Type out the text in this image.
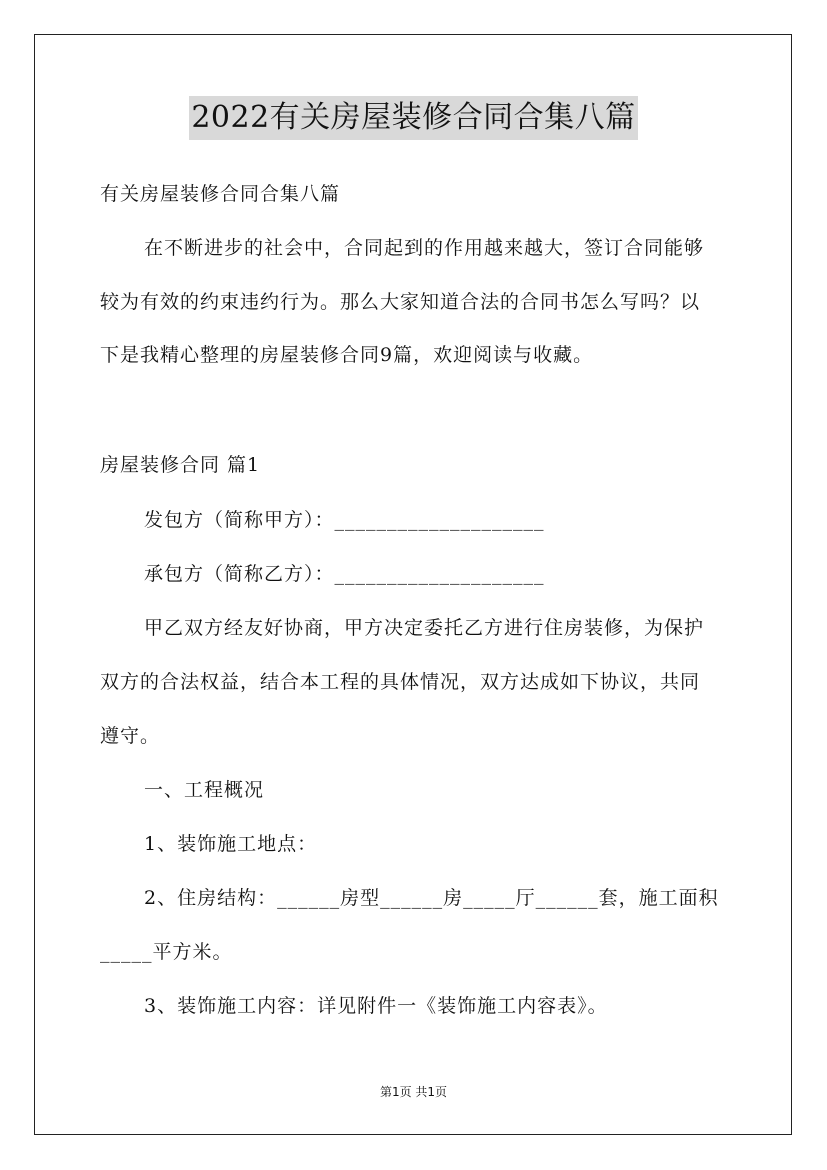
2022有关房屋装修合同合集八篇
有关房屋装修合同合集八篇
在不断进步的社会中，合同起到的作用越来越大，签订合同能够
较为有效的约束违约行为。那么大家知道合法的合同书怎么写吗？以
下是我精心整理的房屋装修合同9篇，欢迎阅读与收藏。
房屋装修合同 篇1
发包方（简称甲方）：____________________
承包方（简称乙方）：____________________
甲乙双方经友好协商，甲方决定委托乙方进行住房装修，为保护
双方的合法权益，结合本工程的具体情况，双方达成如下协议，共同
遵守。
一、工程概况
1、装饰施工地点：
2、住房结构：______房型______房_____厅______套，施工面积
_____平方米。
3、装饰施工内容：详见附件一《装饰施工内容表》。
第1页 共1页
